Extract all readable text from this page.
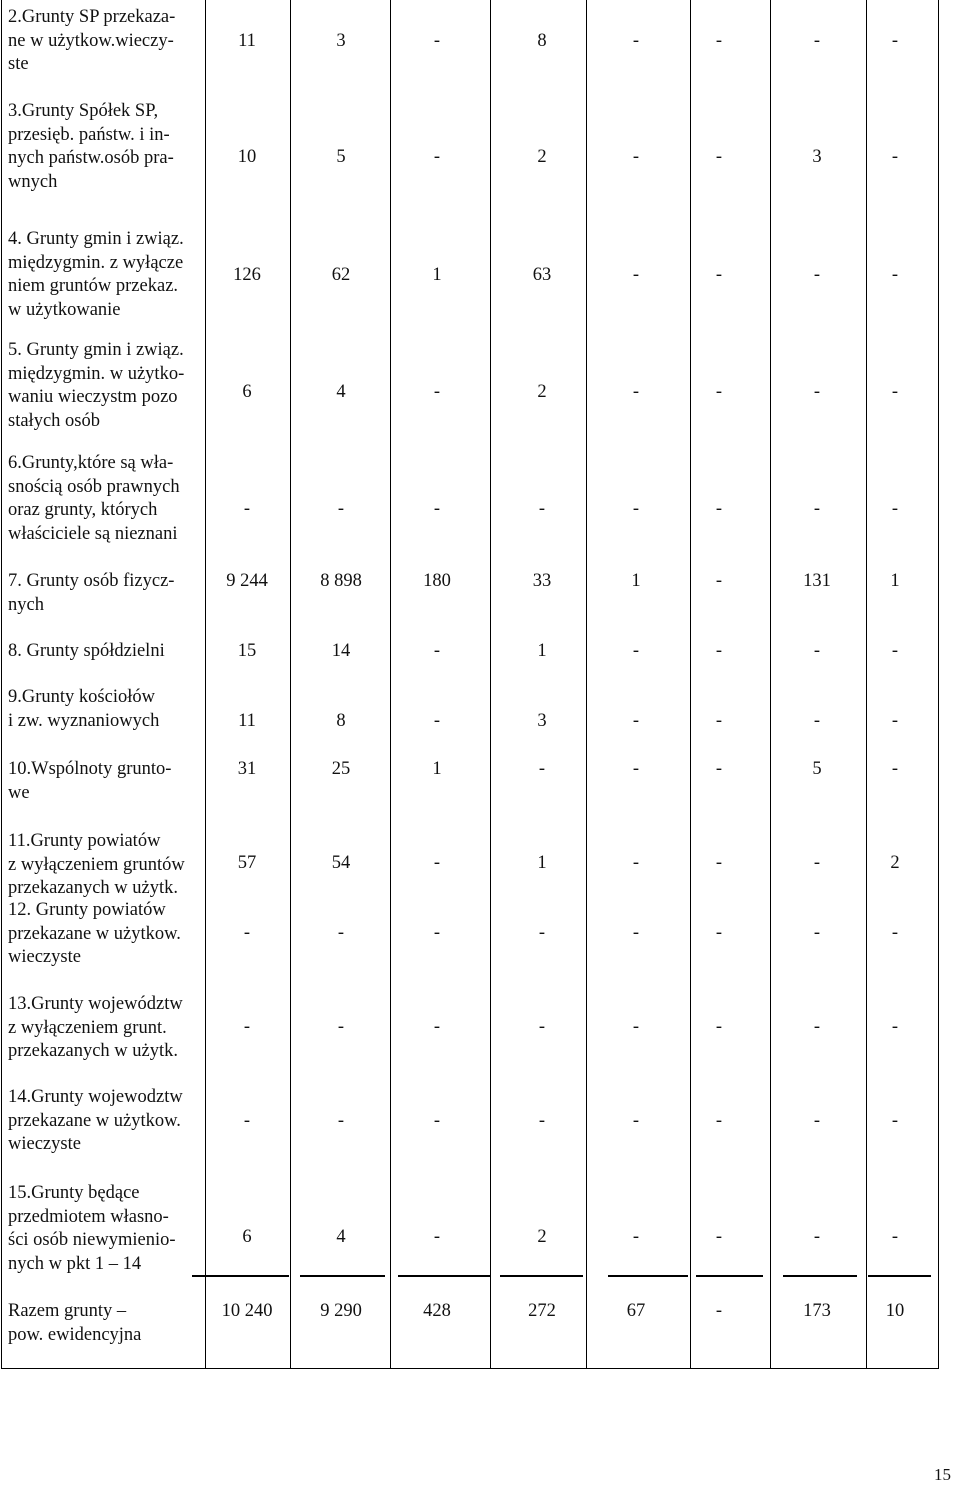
2.Grunty SP przekaza-
ne w użytkow.wieczy-
ste
11	3	-	8	-	-	-	-
3.Grunty Spółek SP,
przesięb. państw. i in-
nych państw.osób pra-
wnych
10	5	-	2	-	-	3	-
4. Grunty gmin i związ.
międzygmin. z wyłącze
niem gruntów przekaz.
w użytkowanie
126	62	1	63	-	-	-	-
5. Grunty gmin i związ.
międzygmin. w użytko-
waniu wieczystm pozo
stałych osób
6	4	-	2	-	-	-	-
6.Grunty,które są wła-
snością osób prawnych
oraz grunty, których
właściciele są nieznani
-	-	-	-	-	-	-	-
7. Grunty osób fizycz-
nych
9 244	8 898	180	33	1	-	131	1
8. Grunty spółdzielni	15	14	-	1	-	-	-	-
9.Grunty kościołów
i zw. wyznaniowych	11	8	-	3	-	-	-	-
10.Wspólnoty grunto-
we
31	25	1	-	-	-	5	-
11.Grunty powiatów
z wyłączeniem gruntów
przekazanych w użytk.
57	54	-	1	-	-	-	2
12. Grunty powiatów
przekazane w użytkow.
wieczyste
-	-	-	-	-	-	-	-
13.Grunty województw
z wyłączeniem grunt.
przekazanych w użytk.
-	-	-	-	-	-	-	-
14.Grunty wojewodztw
przekazane w użytkow.
wieczyste
-	-	-	-	-	-	-	-
15.Grunty będące
przedmiotem własno-
ści osób niewymienio-
nych w pkt 1 – 14
6	4	-	2	-	-	-	-
Razem grunty –
pow. ewidencyjna
10 240	9 290	428	272	67	-	173	10
15
